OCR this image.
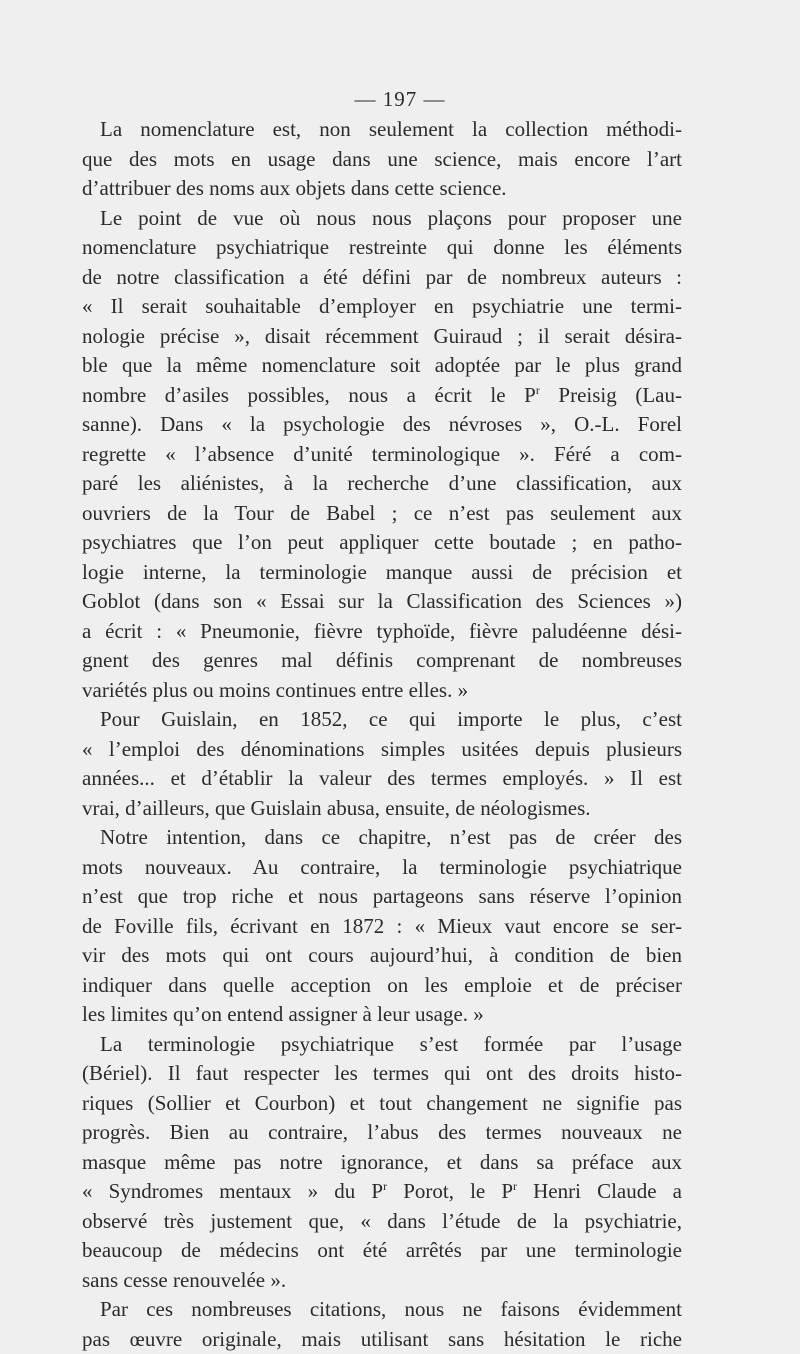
— 197 —
La nomenclature est, non seulement la collection méthodi-
que des mots en usage dans une science, mais encore l’art
d’attribuer des noms aux objets dans cette science.
Le point de vue où nous nous plaçons pour proposer une
nomenclature psychiatrique restreinte qui donne les éléments
de notre classification a été défini par de nombreux auteurs :
« Il serait souhaitable d’employer en psychiatrie une termi-
nologie précise », disait récemment Guiraud ; il serait désira-
ble que la même nomenclature soit adoptée par le plus grand
nombre d’asiles possibles, nous a écrit le $P^r$ Preisig (Lau-
sanne). Dans « la psychologie des névroses », O.-L. Forel
regrette « l’absence d’unité terminologique ». Féré a com-
paré les aliénistes, à la recherche d’une classification, aux
ouvriers de la Tour de Babel ; ce n’est pas seulement aux
psychiatres que l’on peut appliquer cette boutade ; en patho-
logie interne, la terminologie manque aussi de précision et
Goblot (dans son « Essai sur la Classification des Sciences »)
a écrit : « Pneumonie, fièvre typhoïde, fièvre paludéenne dési-
gnent des genres mal définis comprenant de nombreuses
variétés plus ou moins continues entre elles. »
Pour Guislain, en 1852, ce qui importe le plus, c’est
« l’emploi des dénominations simples usitées depuis plusieurs
années... et d’établir la valeur des termes employés. » Il est
vrai, d’ailleurs, que Guislain abusa, ensuite, de néologismes.
Notre intention, dans ce chapitre, n’est pas de créer des
mots nouveaux. Au contraire, la terminologie psychiatrique
n’est que trop riche et nous partageons sans réserve l’opinion
de Foville fils, écrivant en 1872 : « Mieux vaut encore se ser-
vir des mots qui ont cours aujourd’hui, à condition de bien
indiquer dans quelle acception on les emploie et de préciser
les limites qu’on entend assigner à leur usage. »
La terminologie psychiatrique s’est formée par l’usage
(Bériel). Il faut respecter les termes qui ont des droits histo-
riques (Sollier et Courbon) et tout changement ne signifie pas
progrès. Bien au contraire, l’abus des termes nouveaux ne
masque même pas notre ignorance, et dans sa préface aux
« Syndromes mentaux » du $P^r$ Porot, le $P^r$ Henri Claude a
observé très justement que, « dans l’étude de la psychiatrie,
beaucoup de médecins ont été arrêtés par une terminologie
sans cesse renouvelée ».
Par ces nombreuses citations, nous ne faisons évidemment
pas œuvre originale, mais utilisant sans hésitation le riche
